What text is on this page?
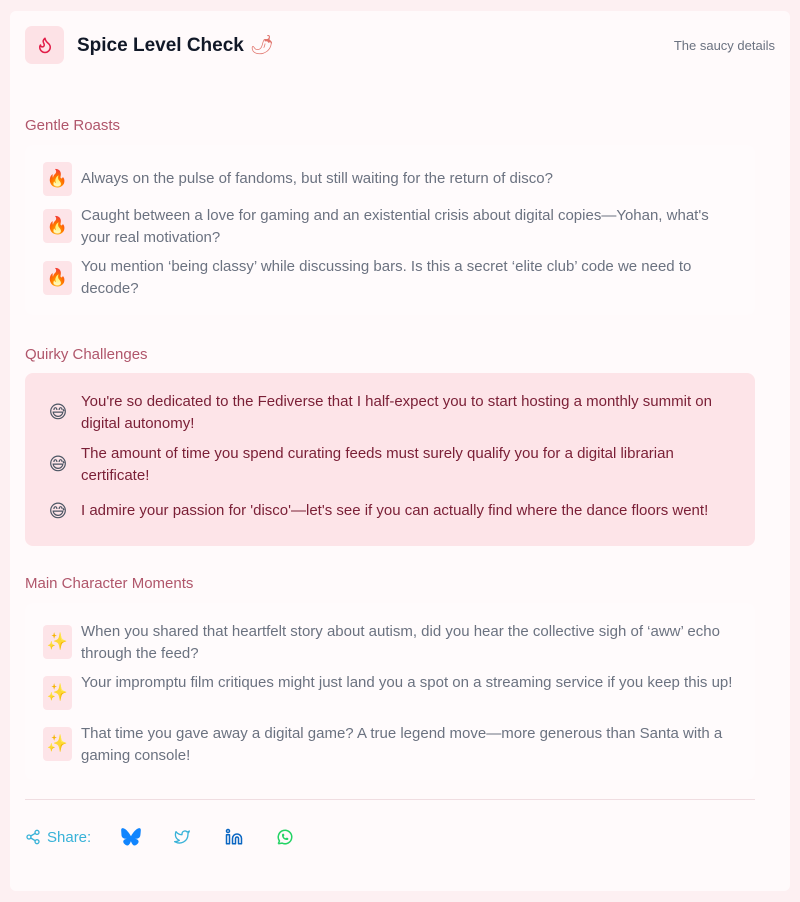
Spice Level Check 🌶	The saucy details
Gentle Roasts
🔥 Always on the pulse of fandoms, but still waiting for the return of disco?
🔥
Caught between a love for gaming and an existential crisis about digital copies—Yohan, what's your real motivation?
🔥
You mention ‘being classy’ while discussing bars. Is this a secret ‘elite club’ code we need to decode?
Quirky Challenges
😅 You're so dedicated to the Fediverse that I half-expect you to start hosting a monthly summit on digital autonomy!
😅 The amount of time you spend curating feeds must surely qualify you for a digital librarian certificate!
😅 I admire your passion for 'disco'—let's see if you can actually find where the dance floors went!
Main Character Moments
✨
When you shared that heartfelt story about autism, did you hear the collective sigh of ‘aww’ echo through the feed?
✨
Your impromptu film critiques might just land you a spot on a streaming service if you keep this up!
✨
That time you gave away a digital game? A true legend move—more generous than Santa with a gaming console!
Share:
